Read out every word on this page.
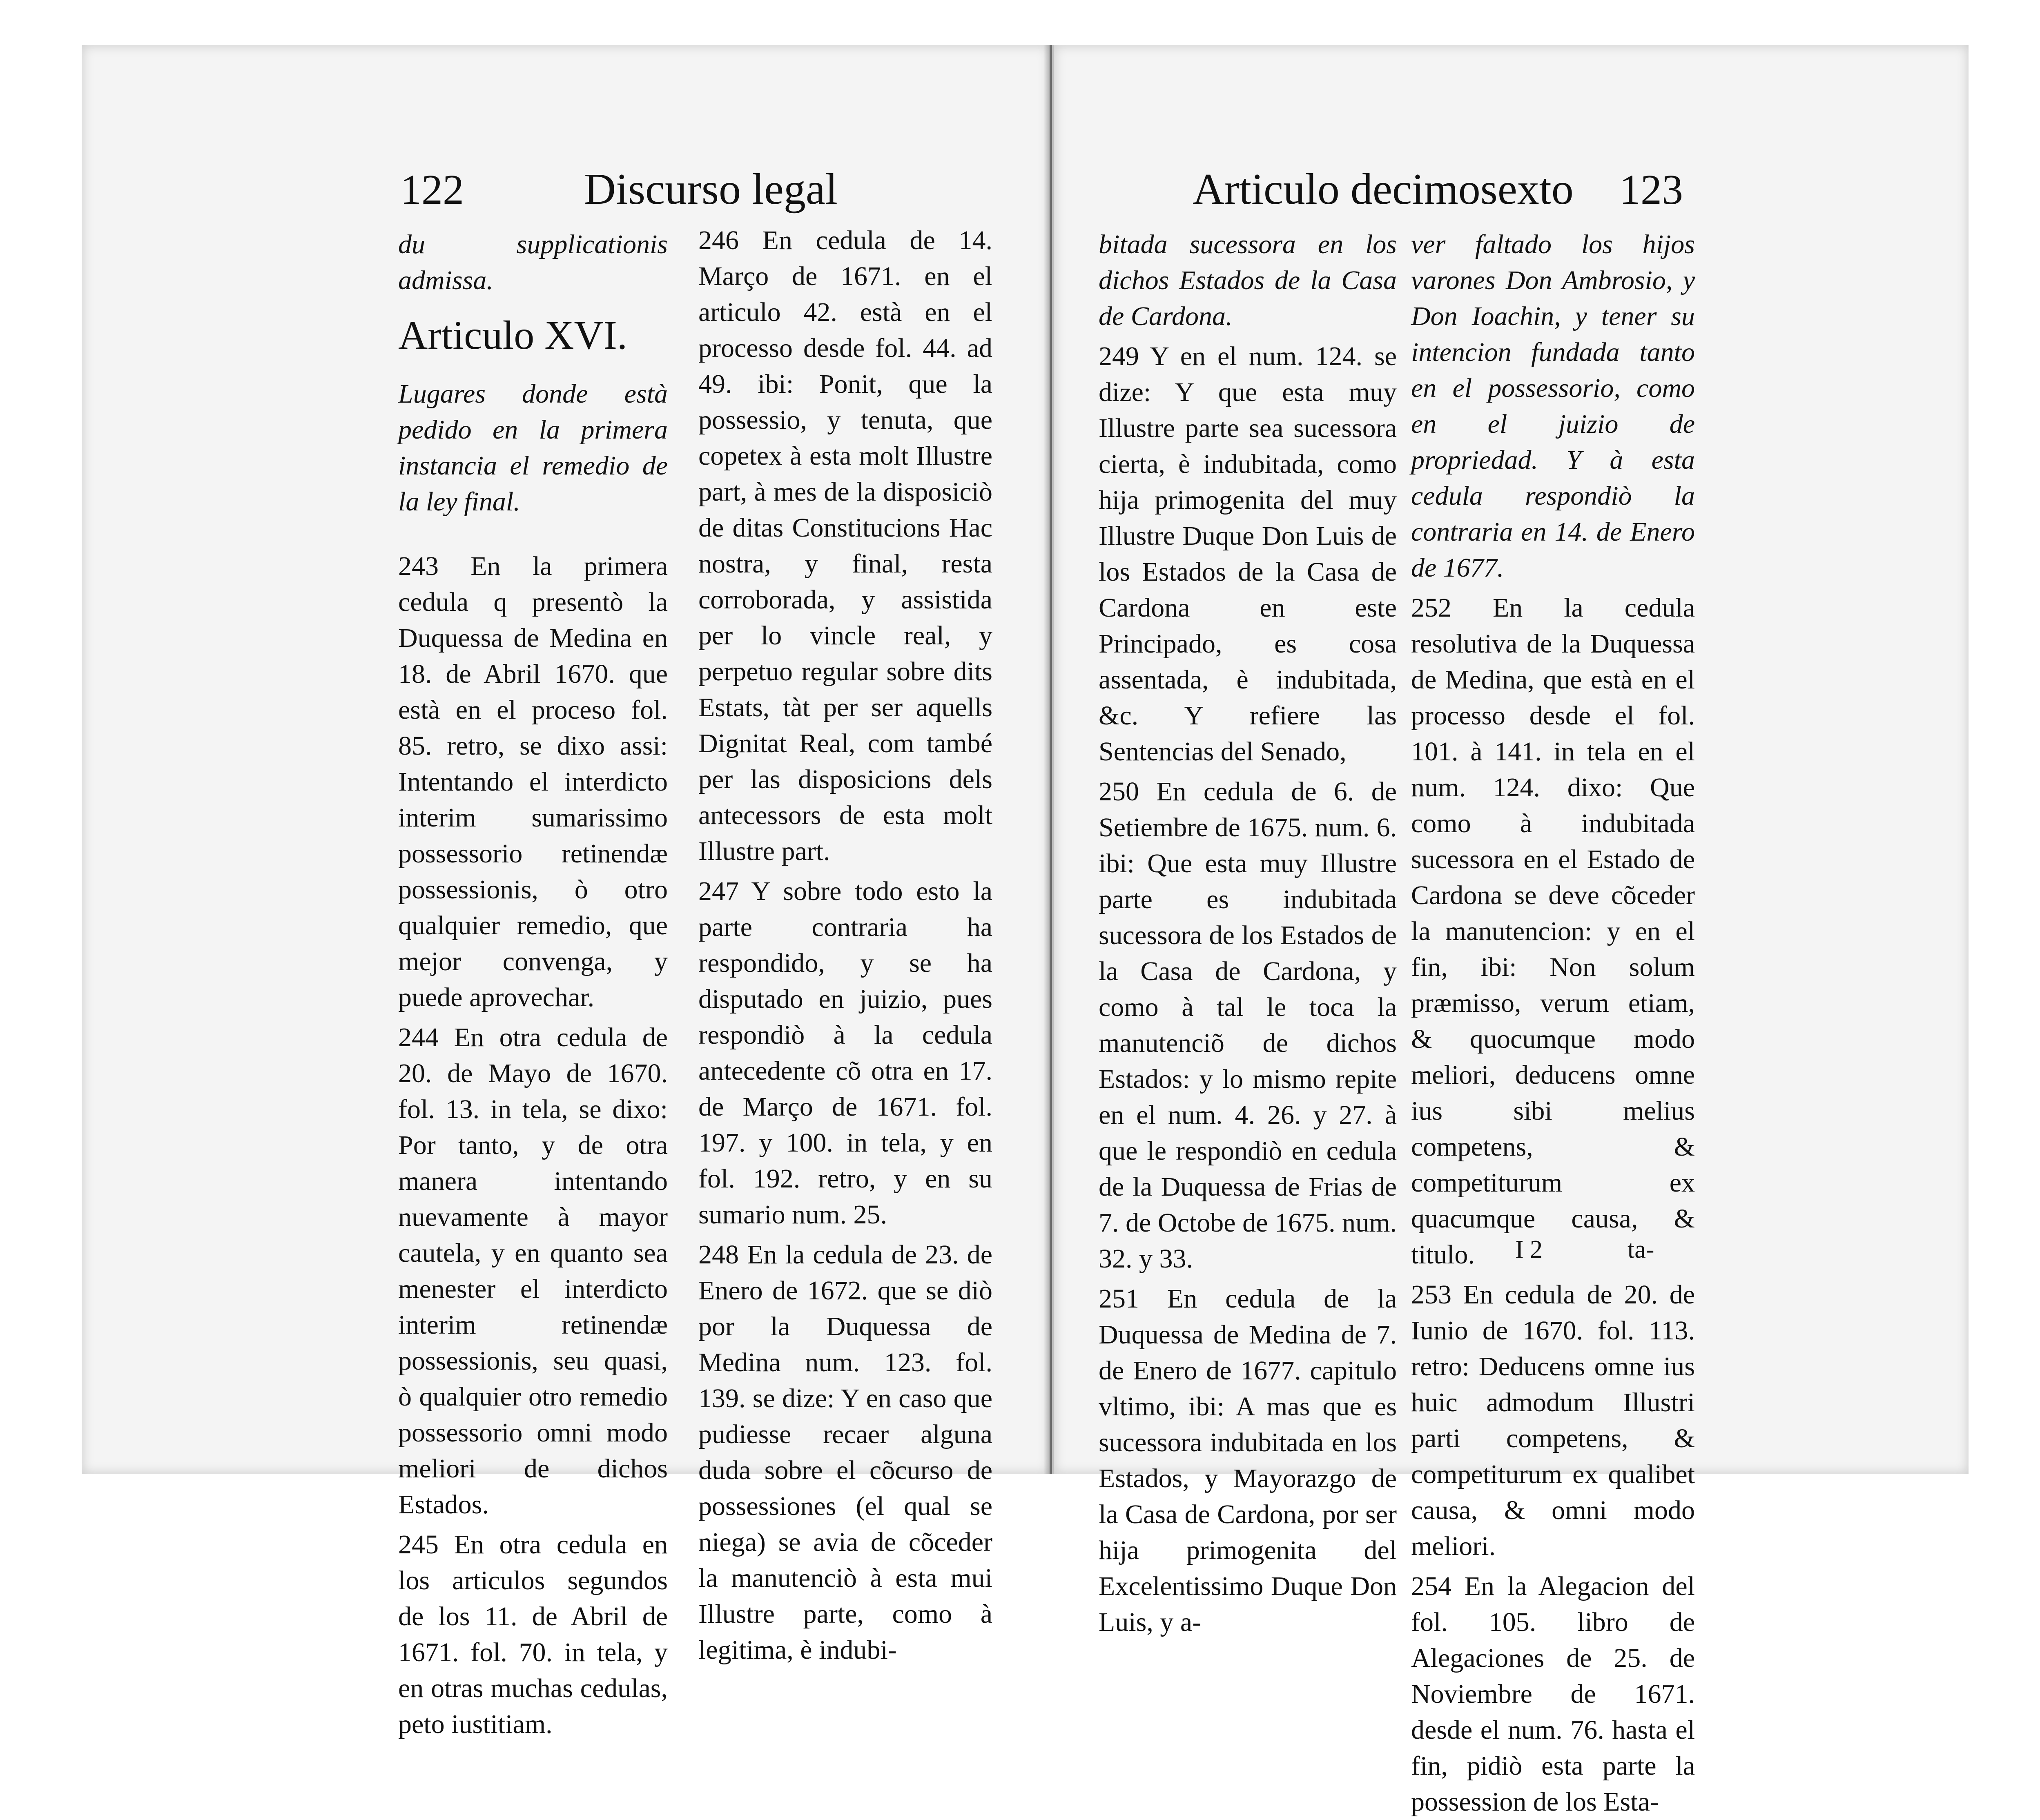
122	Discurso legal

du supplicationis admissa.

Articulo XVI.

Lugares donde està pedido en la primera instancia el remedio de la ley final.

243 En la primera cedula q presentò la Duquessa de Medina en 18. de Abril 1670. que està en el proceso fol. 85. retro, se dixo assi: Intentando el interdicto interim sumarissimo possessorio retinendæ possessionis, ò otro qualquier remedio, que mejor convenga, y puede aprovechar.

244 En otra cedula de 20. de Mayo de 1670. fol. 13. in tela, se dixo: Por tanto, y de otra manera intentando nuevamente à mayor cautela, y en quanto sea menester el interdicto interim retinendæ possessionis, seu quasi, ò qualquier otro remedio possessorio omni modo meliori de dichos Estados.

245 En otra cedula en los articulos segundos de los 11. de Abril de 1671. fol. 70. in tela, y en otras muchas cedulas, peto iustitiam.

246 En cedula de 14. Março de 1671. en el articulo 42. està en el processo desde fol. 44. ad 49. ibi: Ponit, que la possessio, y tenuta, que copetex à esta molt Illustre part, à mes de la disposiciò de ditas Constitucions Hac nostra, y final, resta corroborada, y assistida per lo vincle real, y perpetuo regular sobre dits Estats, tàt per ser aquells Dignitat Real, com també per las disposicions dels antecessors de esta molt Illustre part.

247 Y sobre todo esto la parte contraria ha respondido, y se ha disputado en juizio, pues respondiò à la cedula antecedente cõ otra en 17. de Março de 1671. fol. 197. y 100. in tela, y en fol. 192. retro, y en su sumario num. 25.

248 En la cedula de 23. de Enero de 1672. que se diò por la Duquessa de Medina num. 123. fol. 139. se dize: Y en caso que pudiesse recaer alguna duda sobre el cõcurso de possessiones (el qual se niega) se avia de cõceder la manutenciò à esta mui Illustre parte, como à legitima, è indubi-

Articulo decimosexto 123

bitada sucessora en los dichos Estados de la Casa de Cardona.

249 Y en el num. 124. se dize: Y que esta muy Illustre parte sea sucessora cierta, è indubitada, como hija primogenita del muy Illustre Duque Don Luis de los Estados de la Casa de Cardona en este Principado, es cosa assentada, è indubitada, &c. Y refiere las Sentencias del Senado,

250 En cedula de 6. de Setiembre de 1675. num. 6. ibi: Que esta muy Illustre parte es indubitada sucessora de los Estados de la Casa de Cardona, y como à tal le toca la manutenciõ de dichos Estados: y lo mismo repite en el num. 4. 26. y 27. à que le respondiò en cedula de la Duquessa de Frias de 7. de Octobe de 1675. num. 32. y 33.

251 En cedula de la Duquessa de Medina de 7. de Enero de 1677. capitulo vltimo, ibi: A mas que es sucessora indubitada en los Estados, y Mayorazgo de la Casa de Cardona, por ser hija primogenita del Excelentissimo Duque Don Luis, y a-

ver faltado los hijos varones Don Ambrosio, y Don Ioachin, y tener su intencion fundada tanto en el possessorio, como en el juizio de propriedad. Y à esta cedula respondiò la contraria en 14. de Enero de 1677.

252 En la cedula resolutiva de la Duquessa de Medina, que està en el processo desde el fol. 101. à 141. in tela en el num. 124. dixo: Que como à indubitada sucessora en el Estado de Cardona se deve cõceder la manutencion: y en el fin, ibi: Non solum præmisso, verum etiam, & quocumque modo meliori, deducens omne ius sibi melius competens, & competiturum ex quacumque causa, & titulo.

253 En cedula de 20. de Iunio de 1670. fol. 113. retro: Deducens omne ius huic admodum Illustri parti competens, & competiturum ex qualibet causa, & omni modo meliori.

254 En la Alegacion del fol. 105. libro de Alegaciones de 25. de Noviembre de 1671. desde el num. 76. hasta el fin, pidiò esta parte la possession de los Esta-

I 2	ta-
